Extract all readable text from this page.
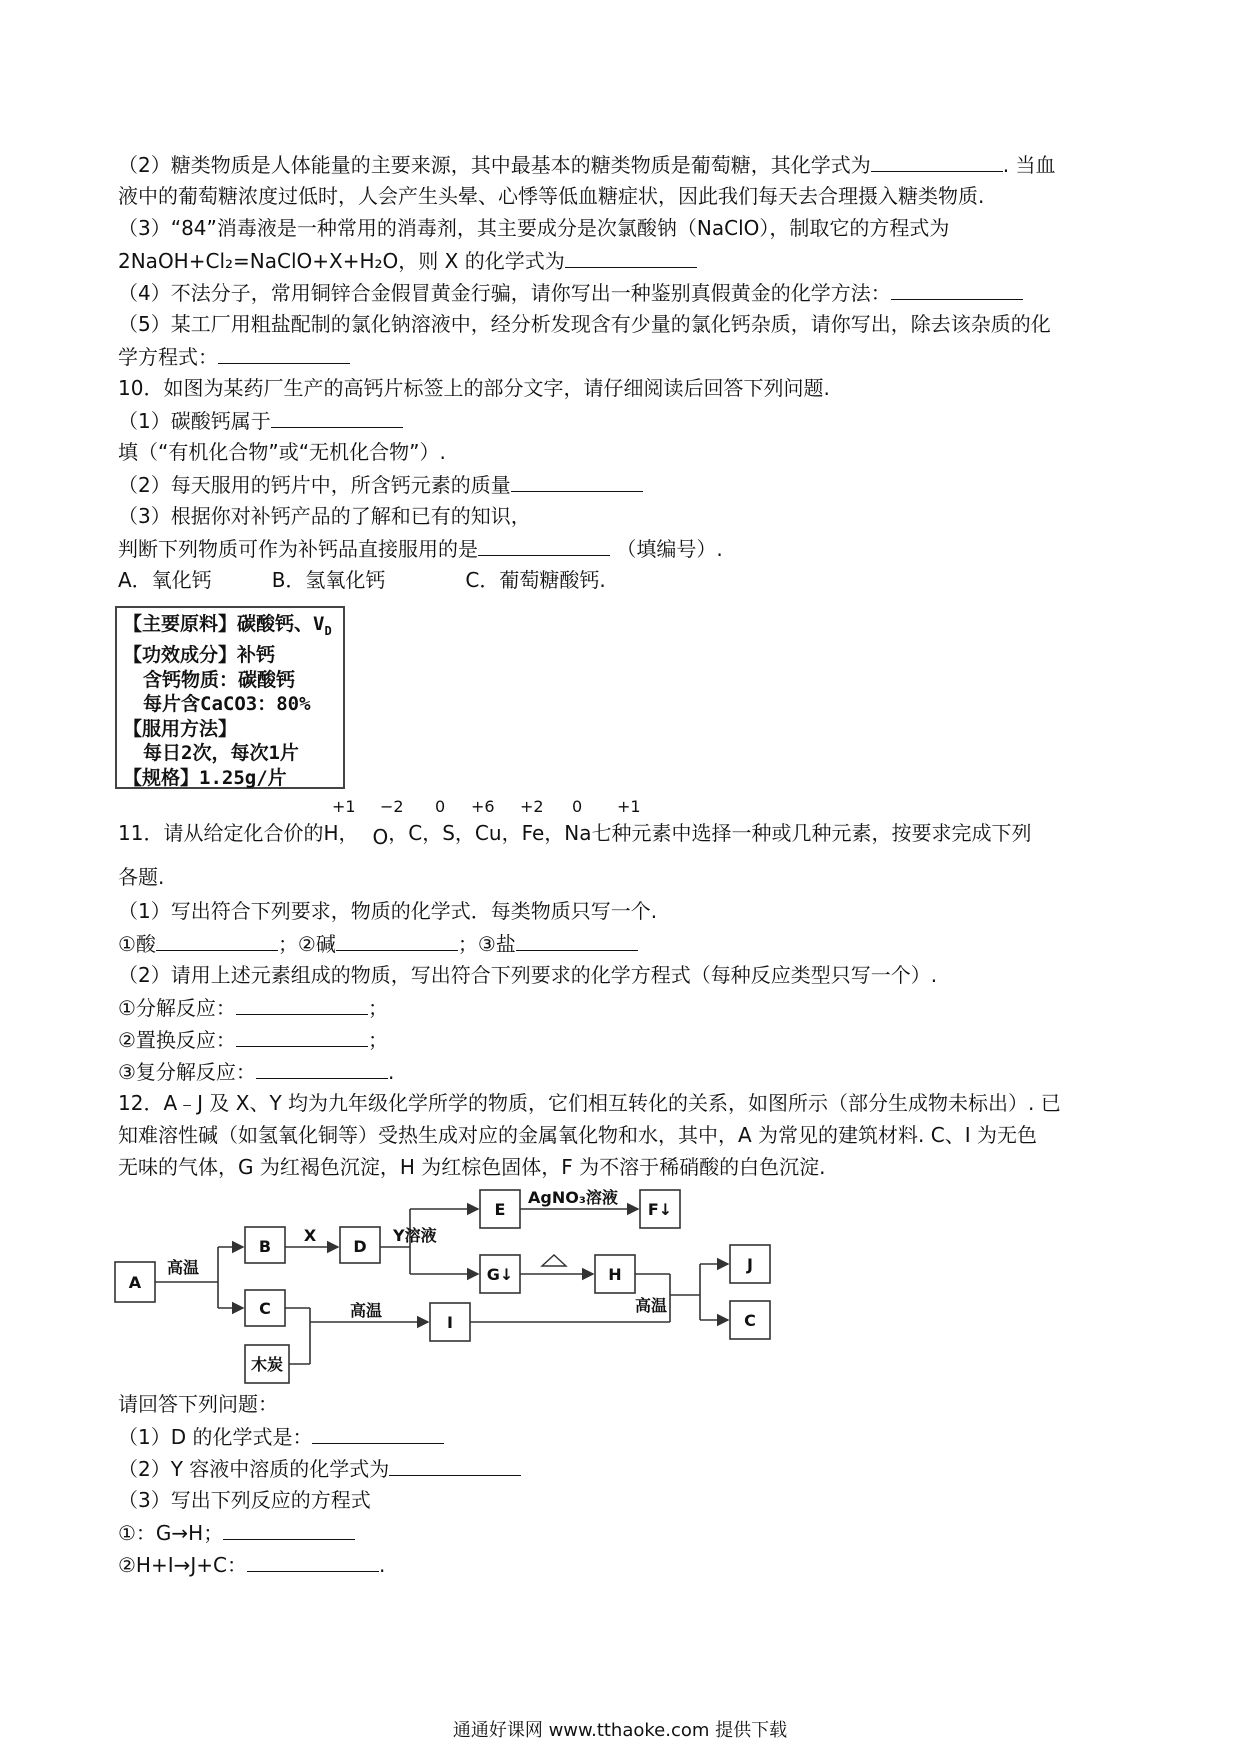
（2）糖类物质是人体能量的主要来源，其中最基本的糖类物质是葡萄糖，其化学式为	. 当血
液中的葡萄糖浓度过低时，人会产生头晕、心悸等低血糖症状，因此我们每天去合理摄入糖类物质.
（3）“84”消毒液是一种常用的消毒剂，其主要成分是次氯酸钠（NaClO），制取它的方程式为
2NaOH+Cl₂=NaClO+X+H₂O，则 X 的化学式为
（4）不法分子，常用铜锌合金假冒黄金行骗，请你写出一种鉴别真假黄金的化学方法：
（5）某工厂用粗盐配制的氯化钠溶液中，经分析发现含有少量的氯化钙杂质，请你写出，除去该杂质的化
学方程式：
10．如图为某药厂生产的高钙片标签上的部分文字，请仔细阅读后回答下列问题.
（1）碳酸钙属于
填（“有机化合物”或“无机化合物”）.
（2）每天服用的钙片中，所含钙元素的质量
（3）根据你对补钙产品的了解和已有的知识，
判断下列物质可作为补钙品直接服用的是	（填编号）.
A．氧化钙	B．氢氧化钙	C．葡萄糖酸钙.
【主要原料】碳酸钙、$V_D$
【功效成分】补钙
含钙物质：碳酸钙
每片含CaCO3：80%
【服用方法】
每日2次，每次1片
【规格】1.25g/片
+1 −2 0 +6 +2 0 +1
11．请从给定化合价的H， O，C，S，Cu，Fe，Na七种元素中选择一种或几种元素，按要求完成下列
各题.
（1）写出符合下列要求，物质的化学式．每类物质只写一个.
①酸	；②碱	；③盐
（2）请用上述元素组成的物质，写出符合下列要求的化学方程式（每种反应类型只写一个）.
①分解反应：	；
②置换反应：	；
③复分解反应：	.
12．A﹣J 及 X、Y 均为九年级化学所学的物质，它们相互转化的关系，如图所示（部分生成物未标出）. 已
知难溶性碱（如氢氧化铜等）受热生成对应的金属氧化物和水，其中，A 为常见的建筑材料. C、I 为无色
无味的气体，G 为红褐色沉淀，H 为红棕色固体，F 为不溶于稀硝酸的白色沉淀.
A
B
C
木炭
D
E	F↓
G↓	H
I
J
C
高温
X	Y溶液
AgNO₃溶液
高温	高温
请回答下列问题：
（1）D 的化学式是：
（2）Y 容液中溶质的化学式为
（3）写出下列反应的方程式
①：G→H；
②H+I→J+C：	.
通通好课网 www.tthaoke.com 提供下载
